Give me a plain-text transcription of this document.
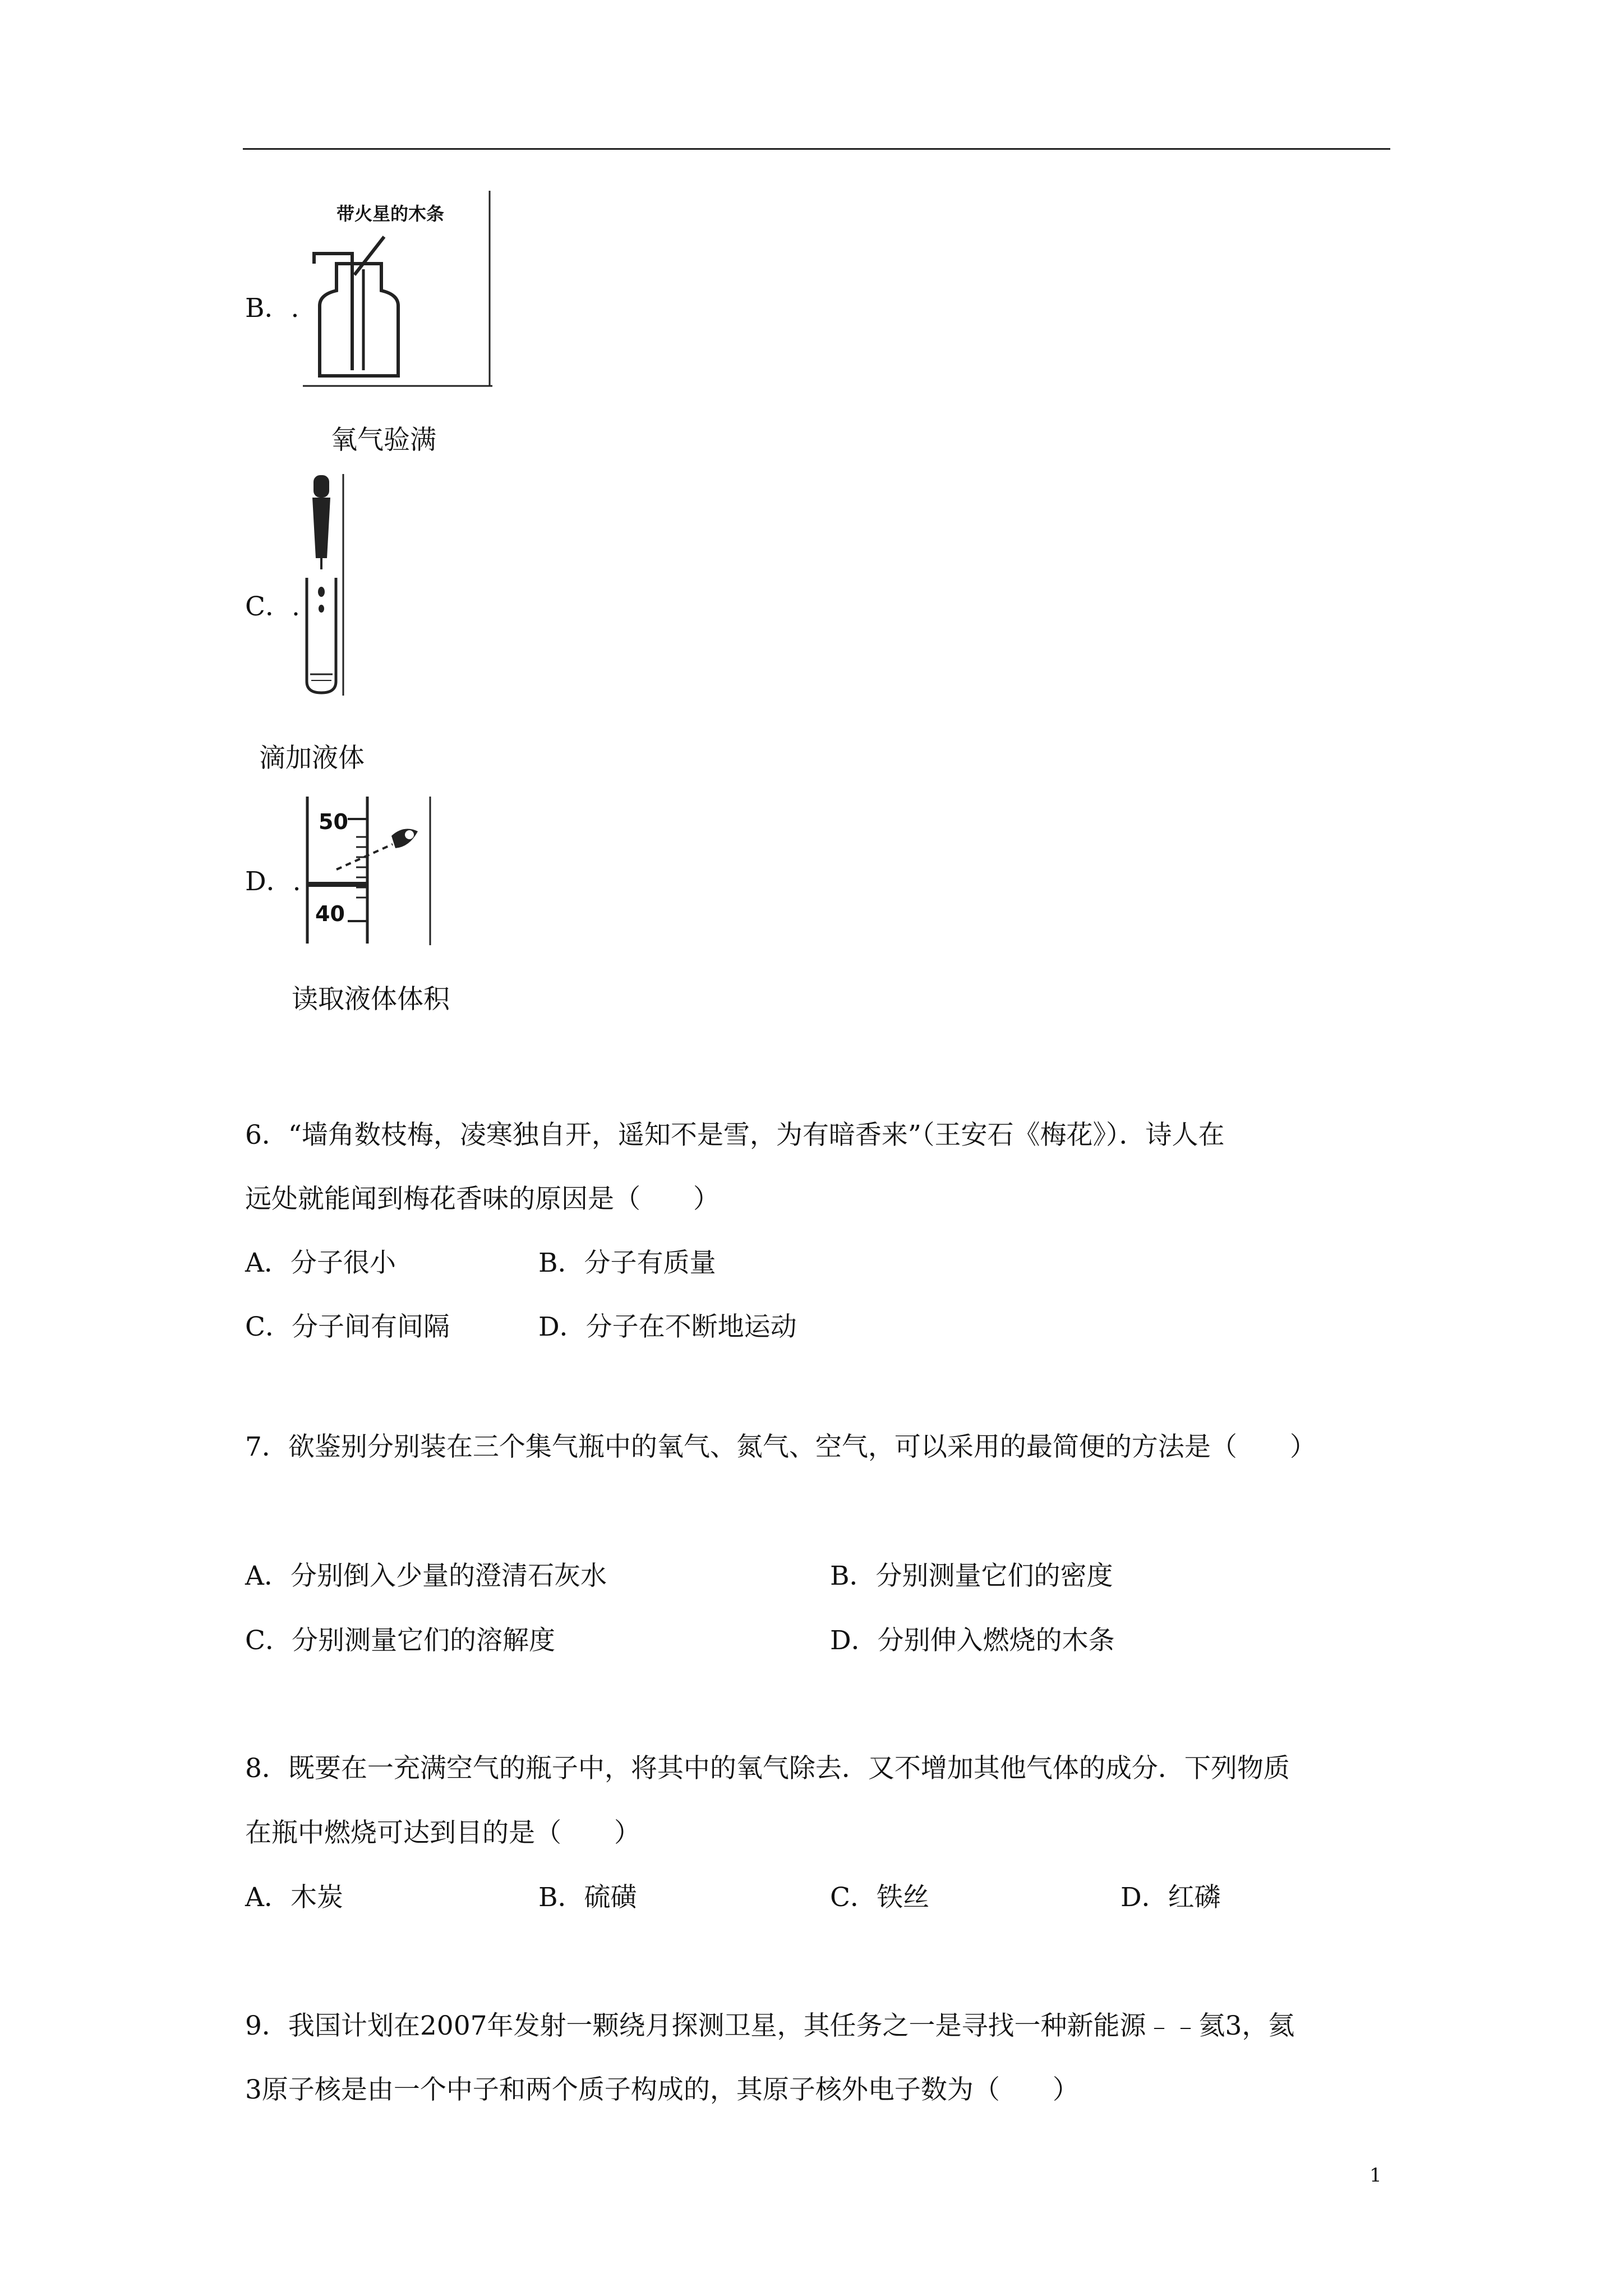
B．.
带火星的木条
氧气验满
C．.
滴加液体
D．.
50
40
读取液体体积
6．“墙角数枝梅，凌寒独自开，遥知不是雪，为有暗香来”（王安石《梅花》）．诗人在
远处就能闻到梅花香味的原因是（　　）
A．分子很小	B．分子有质量
C．分子间有间隔	D．分子在不断地运动
7．欲鉴别分别装在三个集气瓶中的氧气、氮气、空气，可以采用的最简便的方法是（　　）
A．分别倒入少量的澄清石灰水	B．分别测量它们的密度
C．分别测量它们的溶解度	D．分别伸入燃烧的木条
8．既要在一充满空气的瓶子中，将其中的氧气除去．又不增加其他气体的成分．下列物质
在瓶中燃烧可达到目的是（　　）
A．木炭	B．硫磺	C．铁丝	D．红磷
9．我国计划在2007年发射一颗绕月探测卫星，其任务之一是寻找一种新能源﹣﹣氦3，氦
3原子核是由一个中子和两个质子构成的，其原子核外电子数为（　　）
1
